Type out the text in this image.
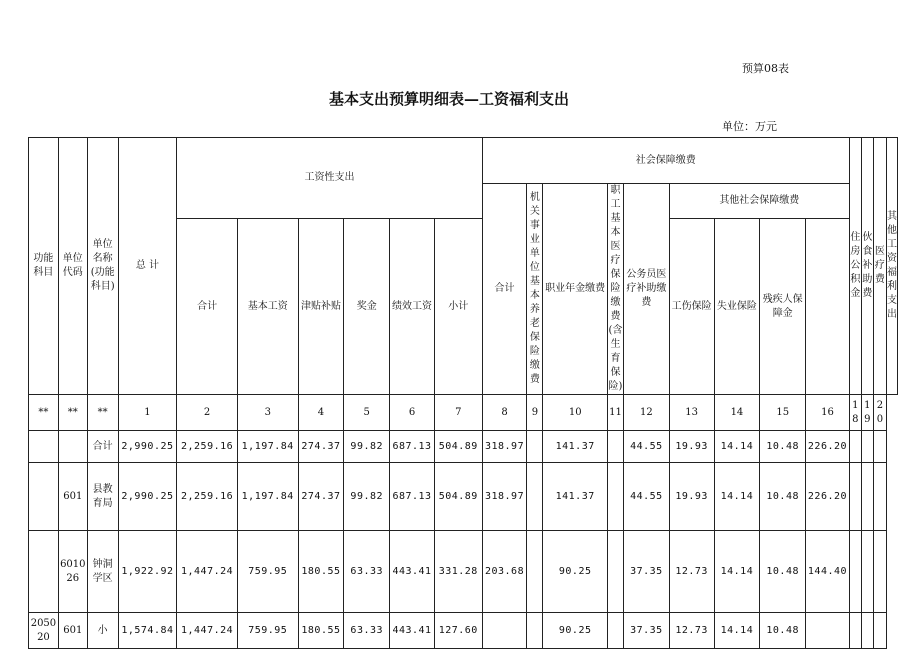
预算08表
基本支出预算明细表—工资福利支出
单位：万元
功能科目	单位代码	单位名称(功能科目)	总 计	工资性支出						社会保障缴费									住房公积金	伙食补助费	医疗费	其他工资福利支出
										合计	机关事业单位基本养老保险缴费	职业年金缴费	职工基本医疗保险缴费(含生育保险)	公务员医疗补助缴费	其他社会保障缴费							
				合计	基本工资	津贴补贴	奖金	绩效工资	小计						工伤保险	失业保险	残疾人保障金					
**	**	**	1	2	3	4	5	6	7	8	9	10	11	12	13	14	15	16	18	19	20	
		合计	2,990.25	2,259.16	1,197.84	274.37	99.82	687.13	504.89	318.97		141.37		44.55	19.93	14.14	10.48	226.20				
	601	县教育局	2,990.25	2,259.16	1,197.84	274.37	99.82	687.13	504.89	318.97		141.37		44.55	19.93	14.14	10.48	226.20				
	601026	钟洞学区	1,922.92	1,447.24	759.95	180.55	63.33	443.41	331.28	203.68		90.25		37.35	12.73	14.14	10.48	144.40				
205020	601	小	1,574.84	1,447.24	759.95	180.55	63.33	443.41	127.60			90.25		37.35	12.73	14.14	10.48					
